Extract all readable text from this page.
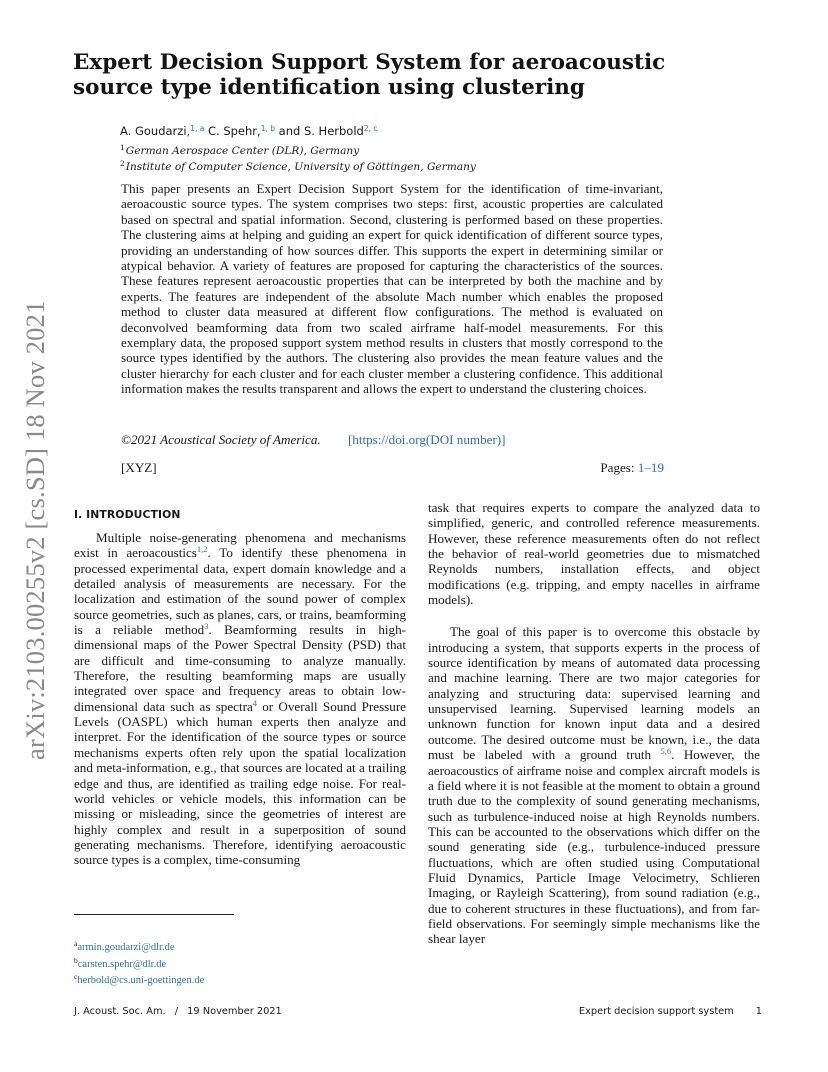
arXiv:2103.00255v2 [cs.SD] 18 Nov 2021
Expert Decision Support System for aeroacoustic source type identification using clustering
A. Goudarzi,$^{1, a}$ C. Spehr,$^{1, b}$ and S. Herbold$^{2, c}$
$^1$German Aerospace Center (DLR), Germany
$^2$Institute of Computer Science, University of Göttingen, Germany

This paper presents an Expert Decision Support System for the identification of time-invariant, aeroacoustic source types. The system comprises two steps: first, acoustic properties are calculated based on spectral and spatial information. Second, clustering is performed based on these properties. The clustering aims at helping and guiding an expert for quick identification of different source types, providing an understanding of how sources differ. This supports the expert in determining similar or atypical behavior. A variety of features are proposed for capturing the characteristics of the sources. These features represent aeroacoustic properties that can be interpreted by both the machine and by experts. The features are independent of the absolute Mach number which enables the proposed method to cluster data measured at different flow configurations. The method is evaluated on deconvolved beamforming data from two scaled airframe half-model measurements. For this exemplary data, the proposed support system method results in clusters that mostly correspond to the source types identified by the authors. The clustering also provides the mean feature values and the cluster hierarchy for each cluster and for each cluster member a clustering confidence. This additional information makes the results transparent and allows the expert to understand the clustering choices.

©2021 Acoustical Society of America. [https://doi.org(DOI number)]
[XYZ]	Pages: 1–19
I. INTRODUCTION

Multiple noise-generating phenomena and mechanisms exist in aeroacoustics$^{1,2}$. To identify these phenomena in processed experimental data, expert domain knowledge and a detailed analysis of measurements are necessary. For the localization and estimation of the sound power of complex source geometries, such as planes, cars, or trains, beamforming is a reliable method$^3$. Beamforming results in high-dimensional maps of the Power Spectral Density (PSD) that are difficult and time-consuming to analyze manually. Therefore, the resulting beamforming maps are usually integrated over space and frequency areas to obtain low-dimensional data such as spectra$^4$ or Overall Sound Pressure Levels (OASPL) which human experts then analyze and interpret. For the identification of the source types or source mechanisms experts often rely upon the spatial localization and meta-information, e.g., that sources are located at a trailing edge and thus, are identified as trailing edge noise. For real-world vehicles or vehicle models, this information can be missing or misleading, since the geometries of interest are highly complex and result in a superposition of sound generating mechanisms. Therefore, identifying aeroacoustic source types is a complex, time-consuming

task that requires experts to compare the analyzed data to simplified, generic, and controlled reference measurements. However, these reference measurements often do not reflect the behavior of real-world geometries due to mismatched Reynolds numbers, installation effects, and object modifications (e.g. tripping, and empty nacelles in airframe models).

The goal of this paper is to overcome this obstacle by introducing a system, that supports experts in the process of source identification by means of automated data processing and machine learning. There are two major categories for analyzing and structuring data: supervised learning and unsupervised learning. Supervised learning models an unknown function for known input data and a desired outcome. The desired outcome must be known, i.e., the data must be labeled with a ground truth $^{5,6}$. However, the aeroacoustics of airframe noise and complex aircraft models is a field where it is not feasible at the moment to obtain a ground truth due to the complexity of sound generating mechanisms, such as turbulence-induced noise at high Reynolds numbers. This can be accounted to the observations which differ on the sound generating side (e.g., turbulence-induced pressure fluctuations, which are often studied using Computational Fluid Dynamics, Particle Image Velocimetry, Schlieren Imaging, or Rayleigh Scattering), from sound radiation (e.g., due to coherent structures in these fluctuations), and from far-field observations. For seemingly simple mechanisms like the shear layer

$^a$armin.goudarzi@dlr.de
$^b$carsten.spehr@dlr.de
$^c$herbold@cs.uni-goettingen.de
J. Acoust. Soc. Am. / 19 November 2021	Expert decision support system 1
